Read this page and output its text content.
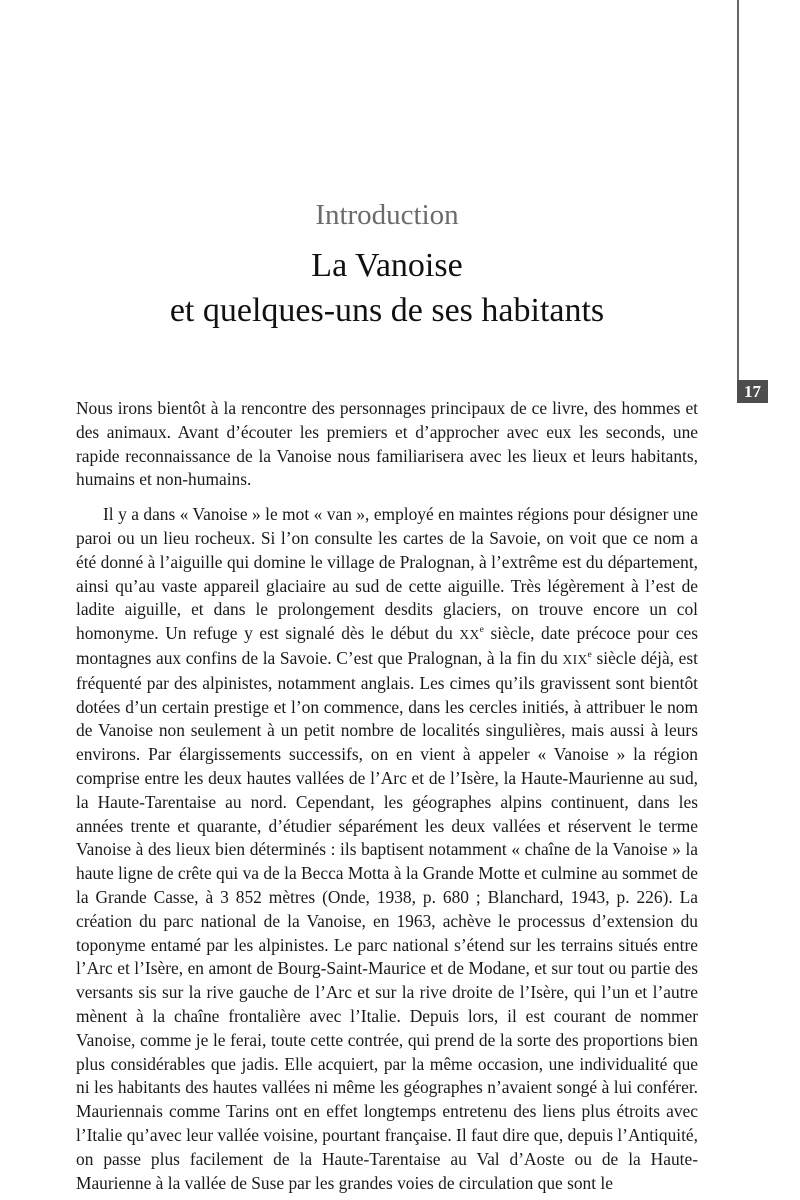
17
Introduction
La Vanoise
et quelques-uns de ses habitants

Nous irons bientôt à la rencontre des personnages principaux de ce livre, des hommes et des animaux. Avant d’écouter les premiers et d’approcher avec eux les seconds, une rapide reconnaissance de la Vanoise nous familiarisera avec les lieux et leurs habitants, humains et non-humains.

Il y a dans « Vanoise » le mot « van », employé en maintes régions pour désigner une paroi ou un lieu rocheux. Si l’on consulte les cartes de la Savoie, on voit que ce nom a été donné à l’aiguille qui domine le village de Pralognan, à l’extrême est du département, ainsi qu’au vaste appareil glaciaire au sud de cette aiguille. Très légèrement à l’est de ladite aiguille, et dans le prolongement desdits glaciers, on trouve encore un col homonyme. Un refuge y est signalé dès le début du XXe siècle, date précoce pour ces montagnes aux confins de la Savoie. C’est que Pralognan, à la fin du XIXe siècle déjà, est fréquenté par des alpinistes, notamment anglais. Les cimes qu’ils gravissent sont bientôt dotées d’un certain prestige et l’on commence, dans les cercles initiés, à attribuer le nom de Vanoise non seulement à un petit nombre de localités singulières, mais aussi à leurs environs. Par élargissements successifs, on en vient à appeler « Vanoise » la région comprise entre les deux hautes vallées de l’Arc et de l’Isère, la Haute-Maurienne au sud, la Haute-Tarentaise au nord. Cependant, les géographes alpins continuent, dans les années trente et quarante, d’étudier séparément les deux vallées et réservent le terme Vanoise à des lieux bien déterminés : ils baptisent notamment « chaîne de la Vanoise » la haute ligne de crête qui va de la Becca Motta à la Grande Motte et culmine au sommet de la Grande Casse, à 3 852 mètres (Onde, 1938, p. 680 ; Blanchard, 1943, p. 226). La création du parc national de la Vanoise, en 1963, achève le processus d’extension du toponyme entamé par les alpinistes. Le parc national s’étend sur les terrains situés entre l’Arc et l’Isère, en amont de Bourg-Saint-Maurice et de Modane, et sur tout ou partie des versants sis sur la rive gauche de l’Arc et sur la rive droite de l’Isère, qui l’un et l’autre mènent à la chaîne frontalière avec l’Italie. Depuis lors, il est courant de nommer Vanoise, comme je le ferai, toute cette contrée, qui prend de la sorte des proportions bien plus considérables que jadis. Elle acquiert, par la même occasion, une individualité que ni les habitants des hautes vallées ni même les géographes n’avaient songé à lui conférer. Mauriennais comme Tarins ont en effet longtemps entretenu des liens plus étroits avec l’Italie qu’avec leur vallée voisine, pourtant française. Il faut dire que, depuis l’Antiquité, on passe plus facilement de la Haute-Tarentaise au Val d’Aoste ou de la Haute-Maurienne à la vallée de Suse par les grandes voies de circulation que sont le
